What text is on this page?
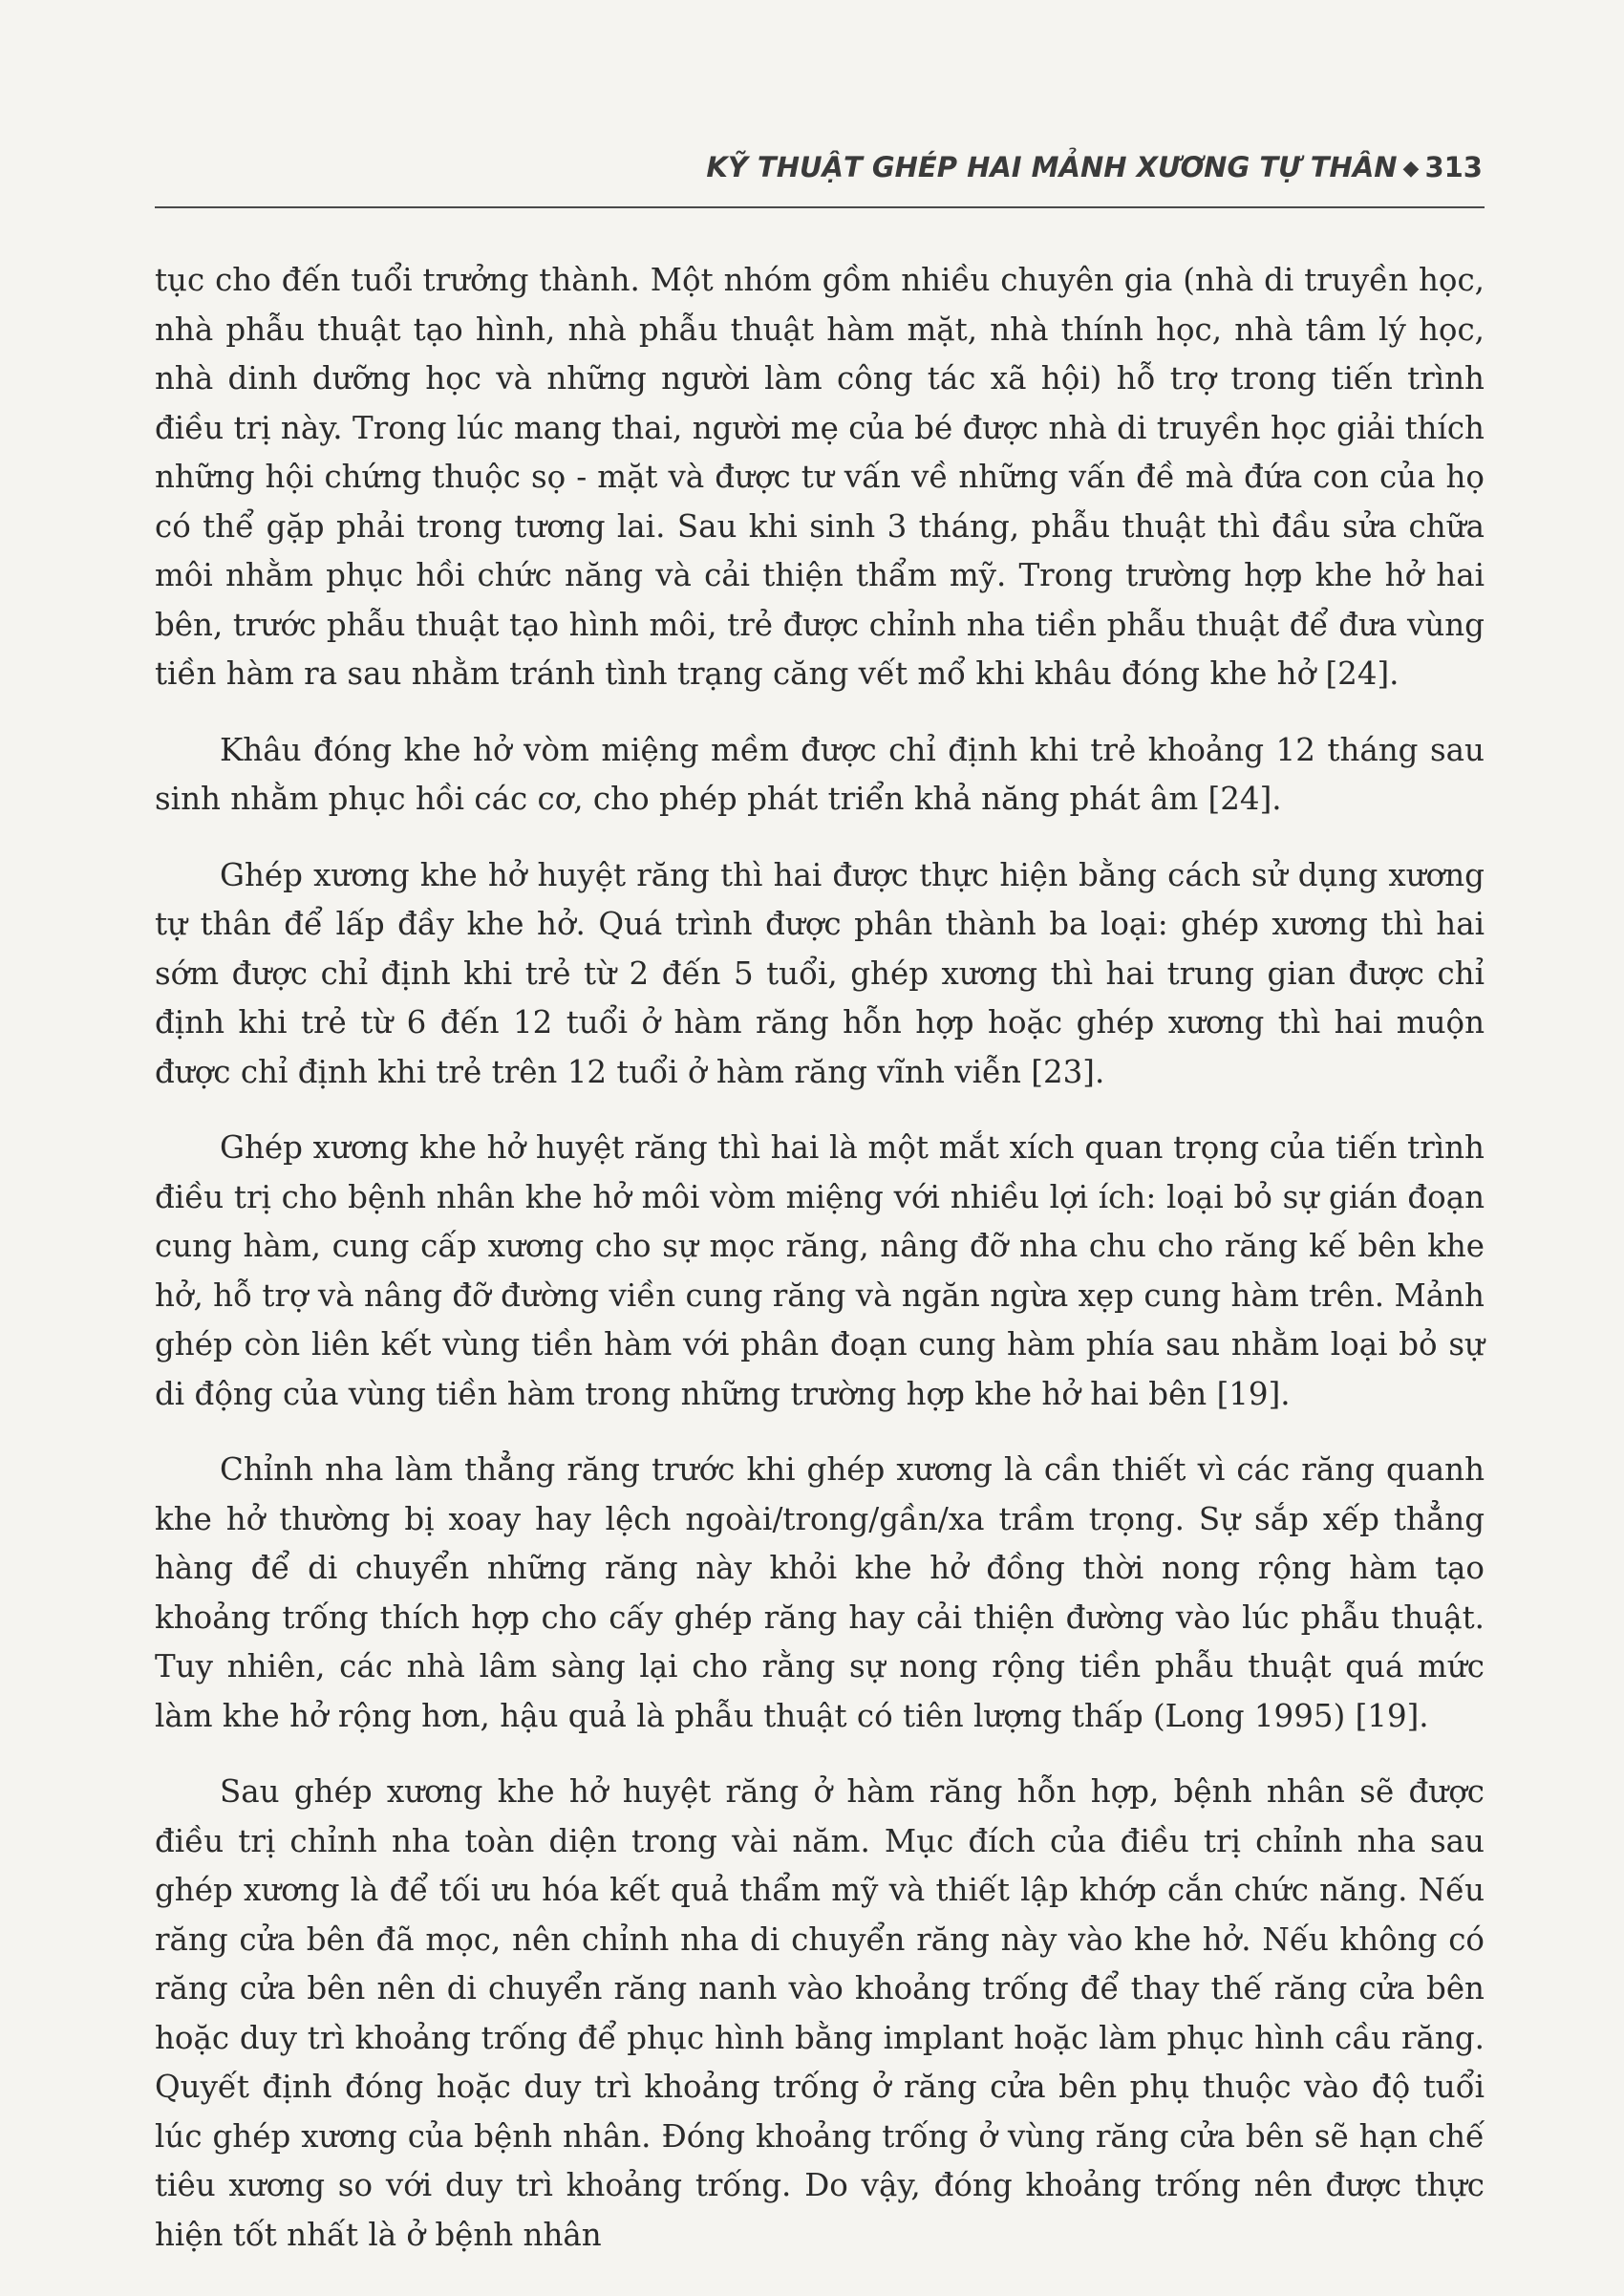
KỸ THUẬT GHÉP HAI MẢNH XƯƠNG TỰ THÂN ◆ 313

tục cho đến tuổi trưởng thành. Một nhóm gồm nhiều chuyên gia (nhà di truyền học, nhà phẫu thuật tạo hình, nhà phẫu thuật hàm mặt, nhà thính học, nhà tâm lý học, nhà dinh dưỡng học và những người làm công tác xã hội) hỗ trợ trong tiến trình điều trị này. Trong lúc mang thai, người mẹ của bé được nhà di truyền học giải thích những hội chứng thuộc sọ - mặt và được tư vấn về những vấn đề mà đứa con của họ có thể gặp phải trong tương lai. Sau khi sinh 3 tháng, phẫu thuật thì đầu sửa chữa môi nhằm phục hồi chức năng và cải thiện thẩm mỹ. Trong trường hợp khe hở hai bên, trước phẫu thuật tạo hình môi, trẻ được chỉnh nha tiền phẫu thuật để đưa vùng tiền hàm ra sau nhằm tránh tình trạng căng vết mổ khi khâu đóng khe hở [24].

Khâu đóng khe hở vòm miệng mềm được chỉ định khi trẻ khoảng 12 tháng sau sinh nhằm phục hồi các cơ, cho phép phát triển khả năng phát âm [24].

Ghép xương khe hở huyệt răng thì hai được thực hiện bằng cách sử dụng xương tự thân để lấp đầy khe hở. Quá trình được phân thành ba loại: ghép xương thì hai sớm được chỉ định khi trẻ từ 2 đến 5 tuổi, ghép xương thì hai trung gian được chỉ định khi trẻ từ 6 đến 12 tuổi ở hàm răng hỗn hợp hoặc ghép xương thì hai muộn được chỉ định khi trẻ trên 12 tuổi ở hàm răng vĩnh viễn [23].

Ghép xương khe hở huyệt răng thì hai là một mắt xích quan trọng của tiến trình điều trị cho bệnh nhân khe hở môi vòm miệng với nhiều lợi ích: loại bỏ sự gián đoạn cung hàm, cung cấp xương cho sự mọc răng, nâng đỡ nha chu cho răng kế bên khe hở, hỗ trợ và nâng đỡ đường viền cung răng và ngăn ngừa xẹp cung hàm trên. Mảnh ghép còn liên kết vùng tiền hàm với phân đoạn cung hàm phía sau nhằm loại bỏ sự di động của vùng tiền hàm trong những trường hợp khe hở hai bên [19].

Chỉnh nha làm thẳng răng trước khi ghép xương là cần thiết vì các răng quanh khe hở thường bị xoay hay lệch ngoài/trong/gần/xa trầm trọng. Sự sắp xếp thẳng hàng để di chuyển những răng này khỏi khe hở đồng thời nong rộng hàm tạo khoảng trống thích hợp cho cấy ghép răng hay cải thiện đường vào lúc phẫu thuật. Tuy nhiên, các nhà lâm sàng lại cho rằng sự nong rộng tiền phẫu thuật quá mức làm khe hở rộng hơn, hậu quả là phẫu thuật có tiên lượng thấp (Long 1995) [19].

Sau ghép xương khe hở huyệt răng ở hàm răng hỗn hợp, bệnh nhân sẽ được điều trị chỉnh nha toàn diện trong vài năm. Mục đích của điều trị chỉnh nha sau ghép xương là để tối ưu hóa kết quả thẩm mỹ và thiết lập khớp cắn chức năng. Nếu răng cửa bên đã mọc, nên chỉnh nha di chuyển răng này vào khe hở. Nếu không có răng cửa bên nên di chuyển răng nanh vào khoảng trống để thay thế răng cửa bên hoặc duy trì khoảng trống để phục hình bằng implant hoặc làm phục hình cầu răng. Quyết định đóng hoặc duy trì khoảng trống ở răng cửa bên phụ thuộc vào độ tuổi lúc ghép xương của bệnh nhân. Đóng khoảng trống ở vùng răng cửa bên sẽ hạn chế tiêu xương so với duy trì khoảng trống. Do vậy, đóng khoảng trống nên được thực hiện tốt nhất là ở bệnh nhân
